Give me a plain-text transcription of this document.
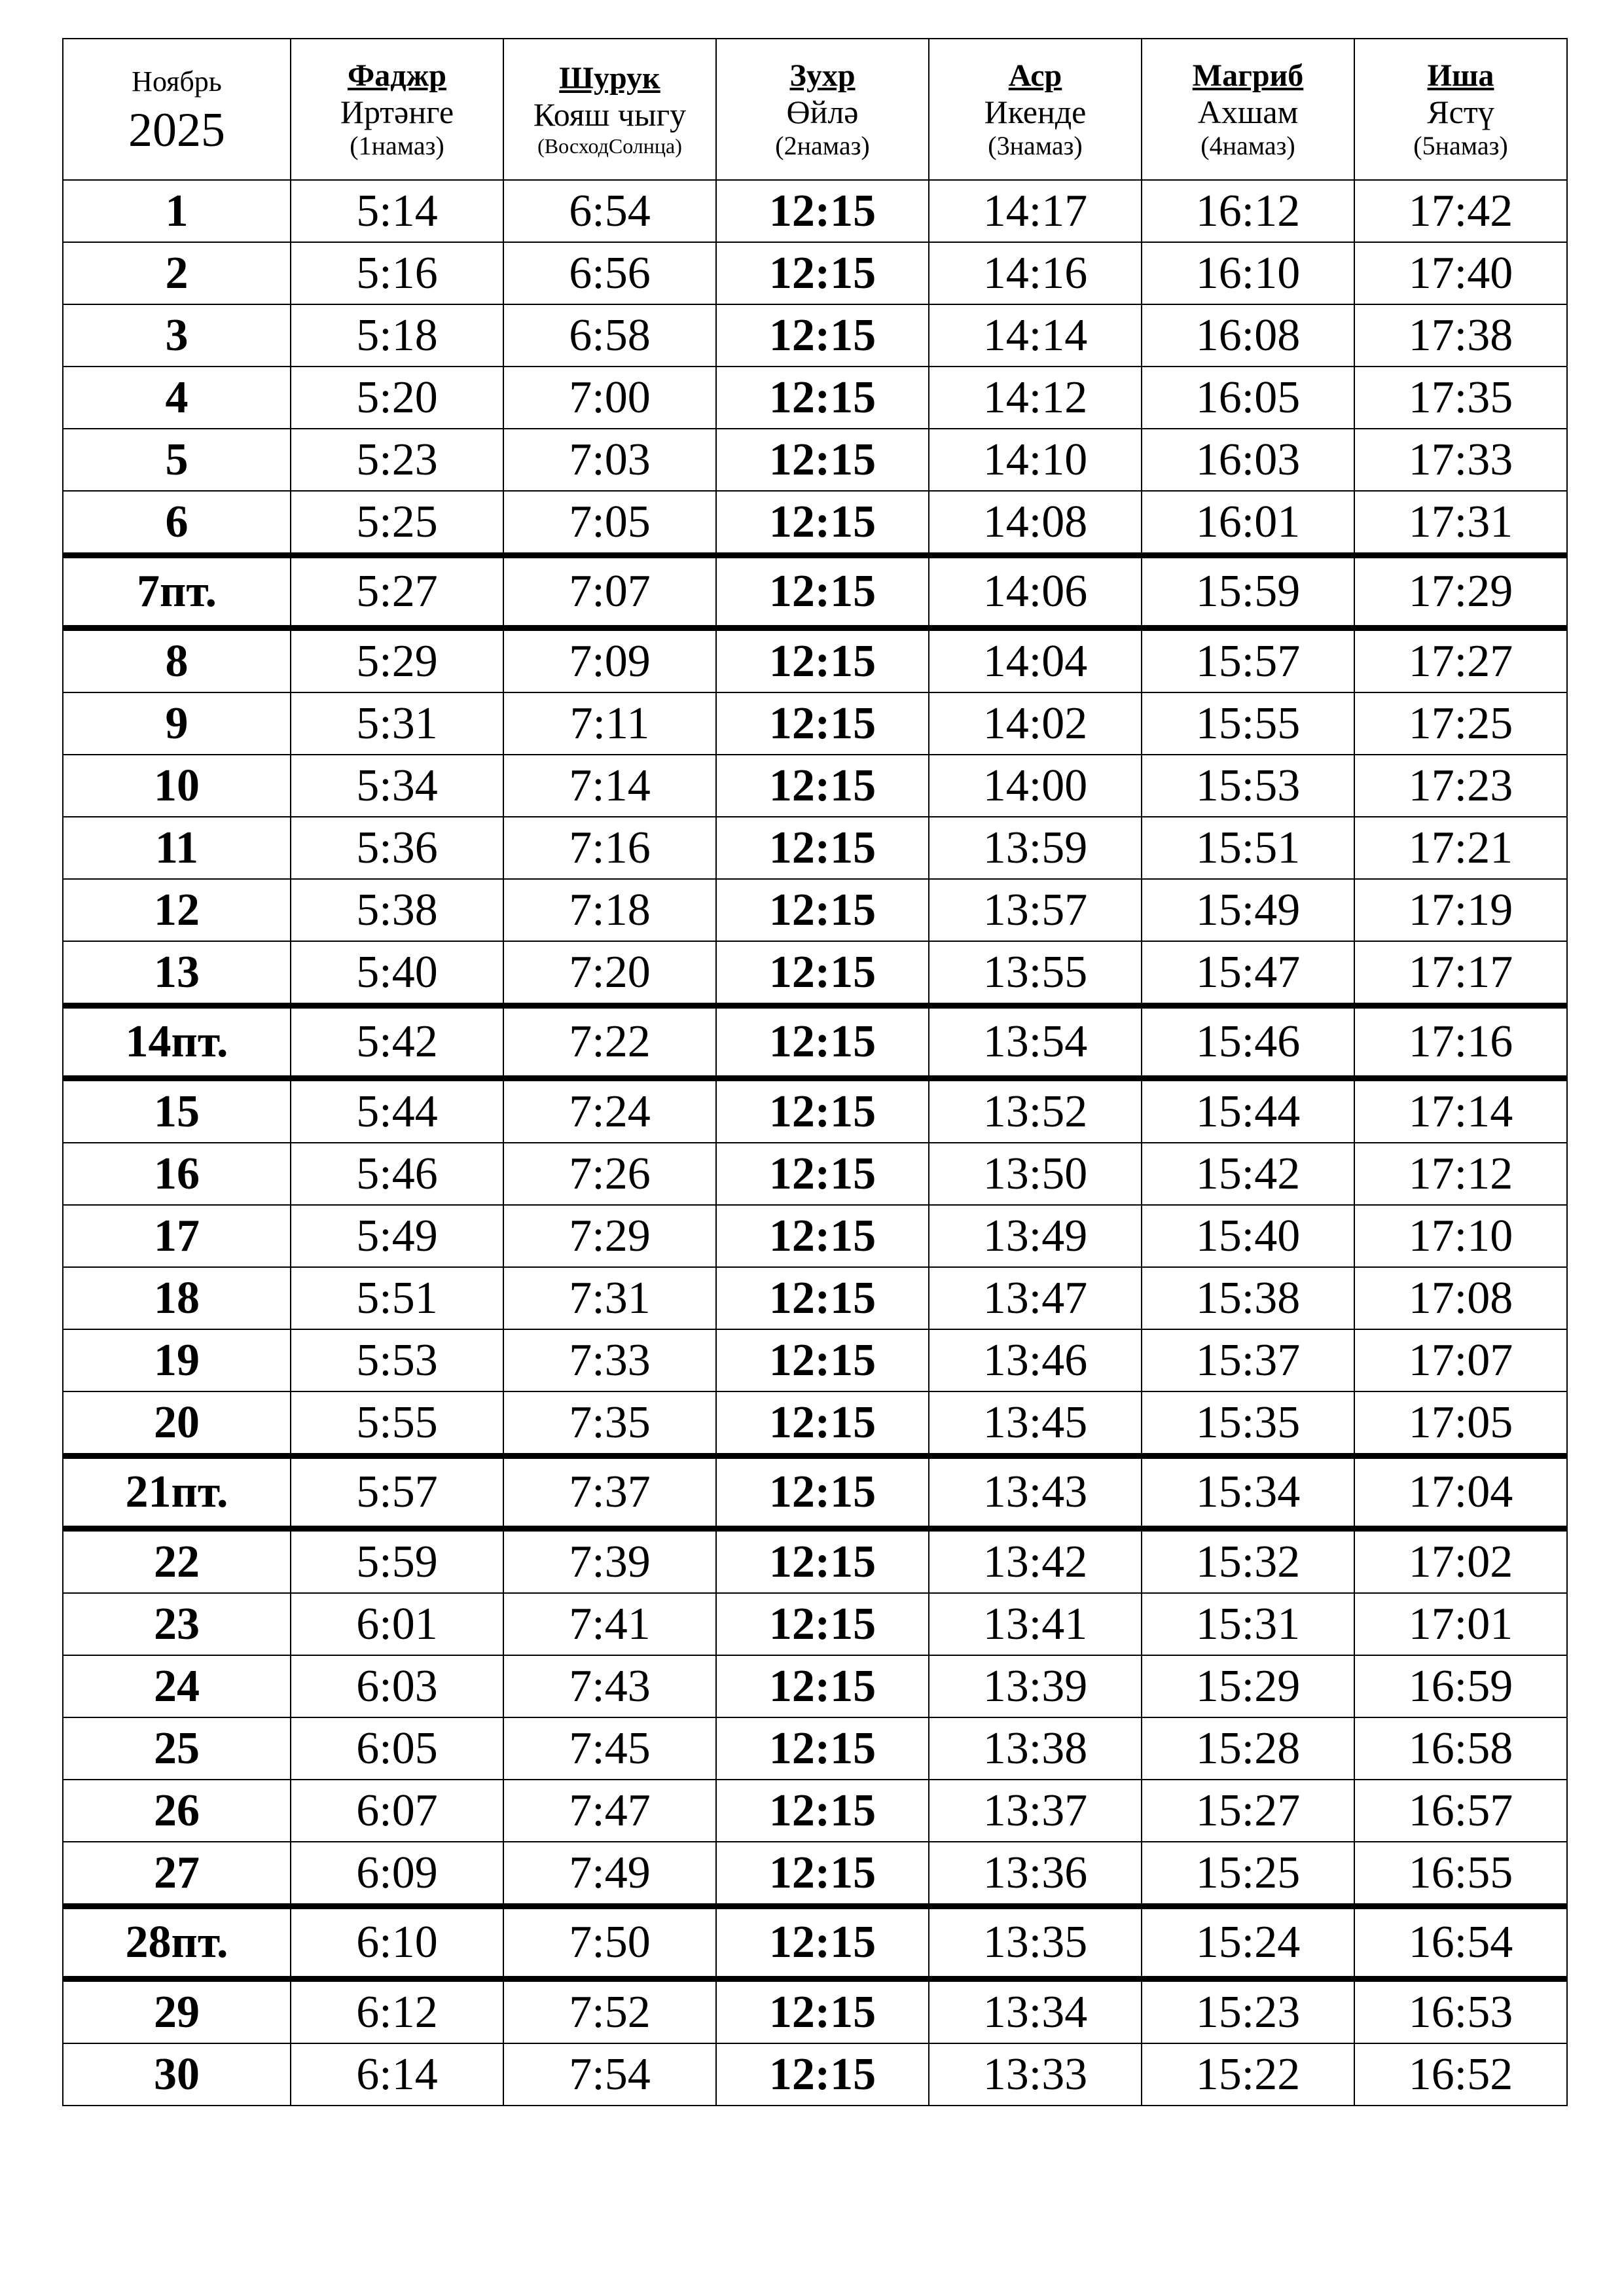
Ноябрь
2025	Фаджр
Иртәнге
(1намаз)	Шурук
Кояш чыгу
(ВосходСолнца)	Зухр
Өйлә
(2намаз)	Аср
Икенде
(3намаз)	Магриб
Ахшам
(4намаз)	Иша
Ястү
(5намаз)

1	5:14	6:54	12:15	14:17	16:12	17:42
2	5:16	6:56	12:15	14:16	16:10	17:40
3	5:18	6:58	12:15	14:14	16:08	17:38
4	5:20	7:00	12:15	14:12	16:05	17:35
5	5:23	7:03	12:15	14:10	16:03	17:33
6	5:25	7:05	12:15	14:08	16:01	17:31
7пт.	5:27	7:07	12:15	14:06	15:59	17:29
8	5:29	7:09	12:15	14:04	15:57	17:27
9	5:31	7:11	12:15	14:02	15:55	17:25
10	5:34	7:14	12:15	14:00	15:53	17:23
11	5:36	7:16	12:15	13:59	15:51	17:21
12	5:38	7:18	12:15	13:57	15:49	17:19
13	5:40	7:20	12:15	13:55	15:47	17:17
14пт.	5:42	7:22	12:15	13:54	15:46	17:16
15	5:44	7:24	12:15	13:52	15:44	17:14
16	5:46	7:26	12:15	13:50	15:42	17:12
17	5:49	7:29	12:15	13:49	15:40	17:10
18	5:51	7:31	12:15	13:47	15:38	17:08
19	5:53	7:33	12:15	13:46	15:37	17:07
20	5:55	7:35	12:15	13:45	15:35	17:05
21пт.	5:57	7:37	12:15	13:43	15:34	17:04
22	5:59	7:39	12:15	13:42	15:32	17:02
23	6:01	7:41	12:15	13:41	15:31	17:01
24	6:03	7:43	12:15	13:39	15:29	16:59
25	6:05	7:45	12:15	13:38	15:28	16:58
26	6:07	7:47	12:15	13:37	15:27	16:57
27	6:09	7:49	12:15	13:36	15:25	16:55
28пт.	6:10	7:50	12:15	13:35	15:24	16:54
29	6:12	7:52	12:15	13:34	15:23	16:53
30	6:14	7:54	12:15	13:33	15:22	16:52
